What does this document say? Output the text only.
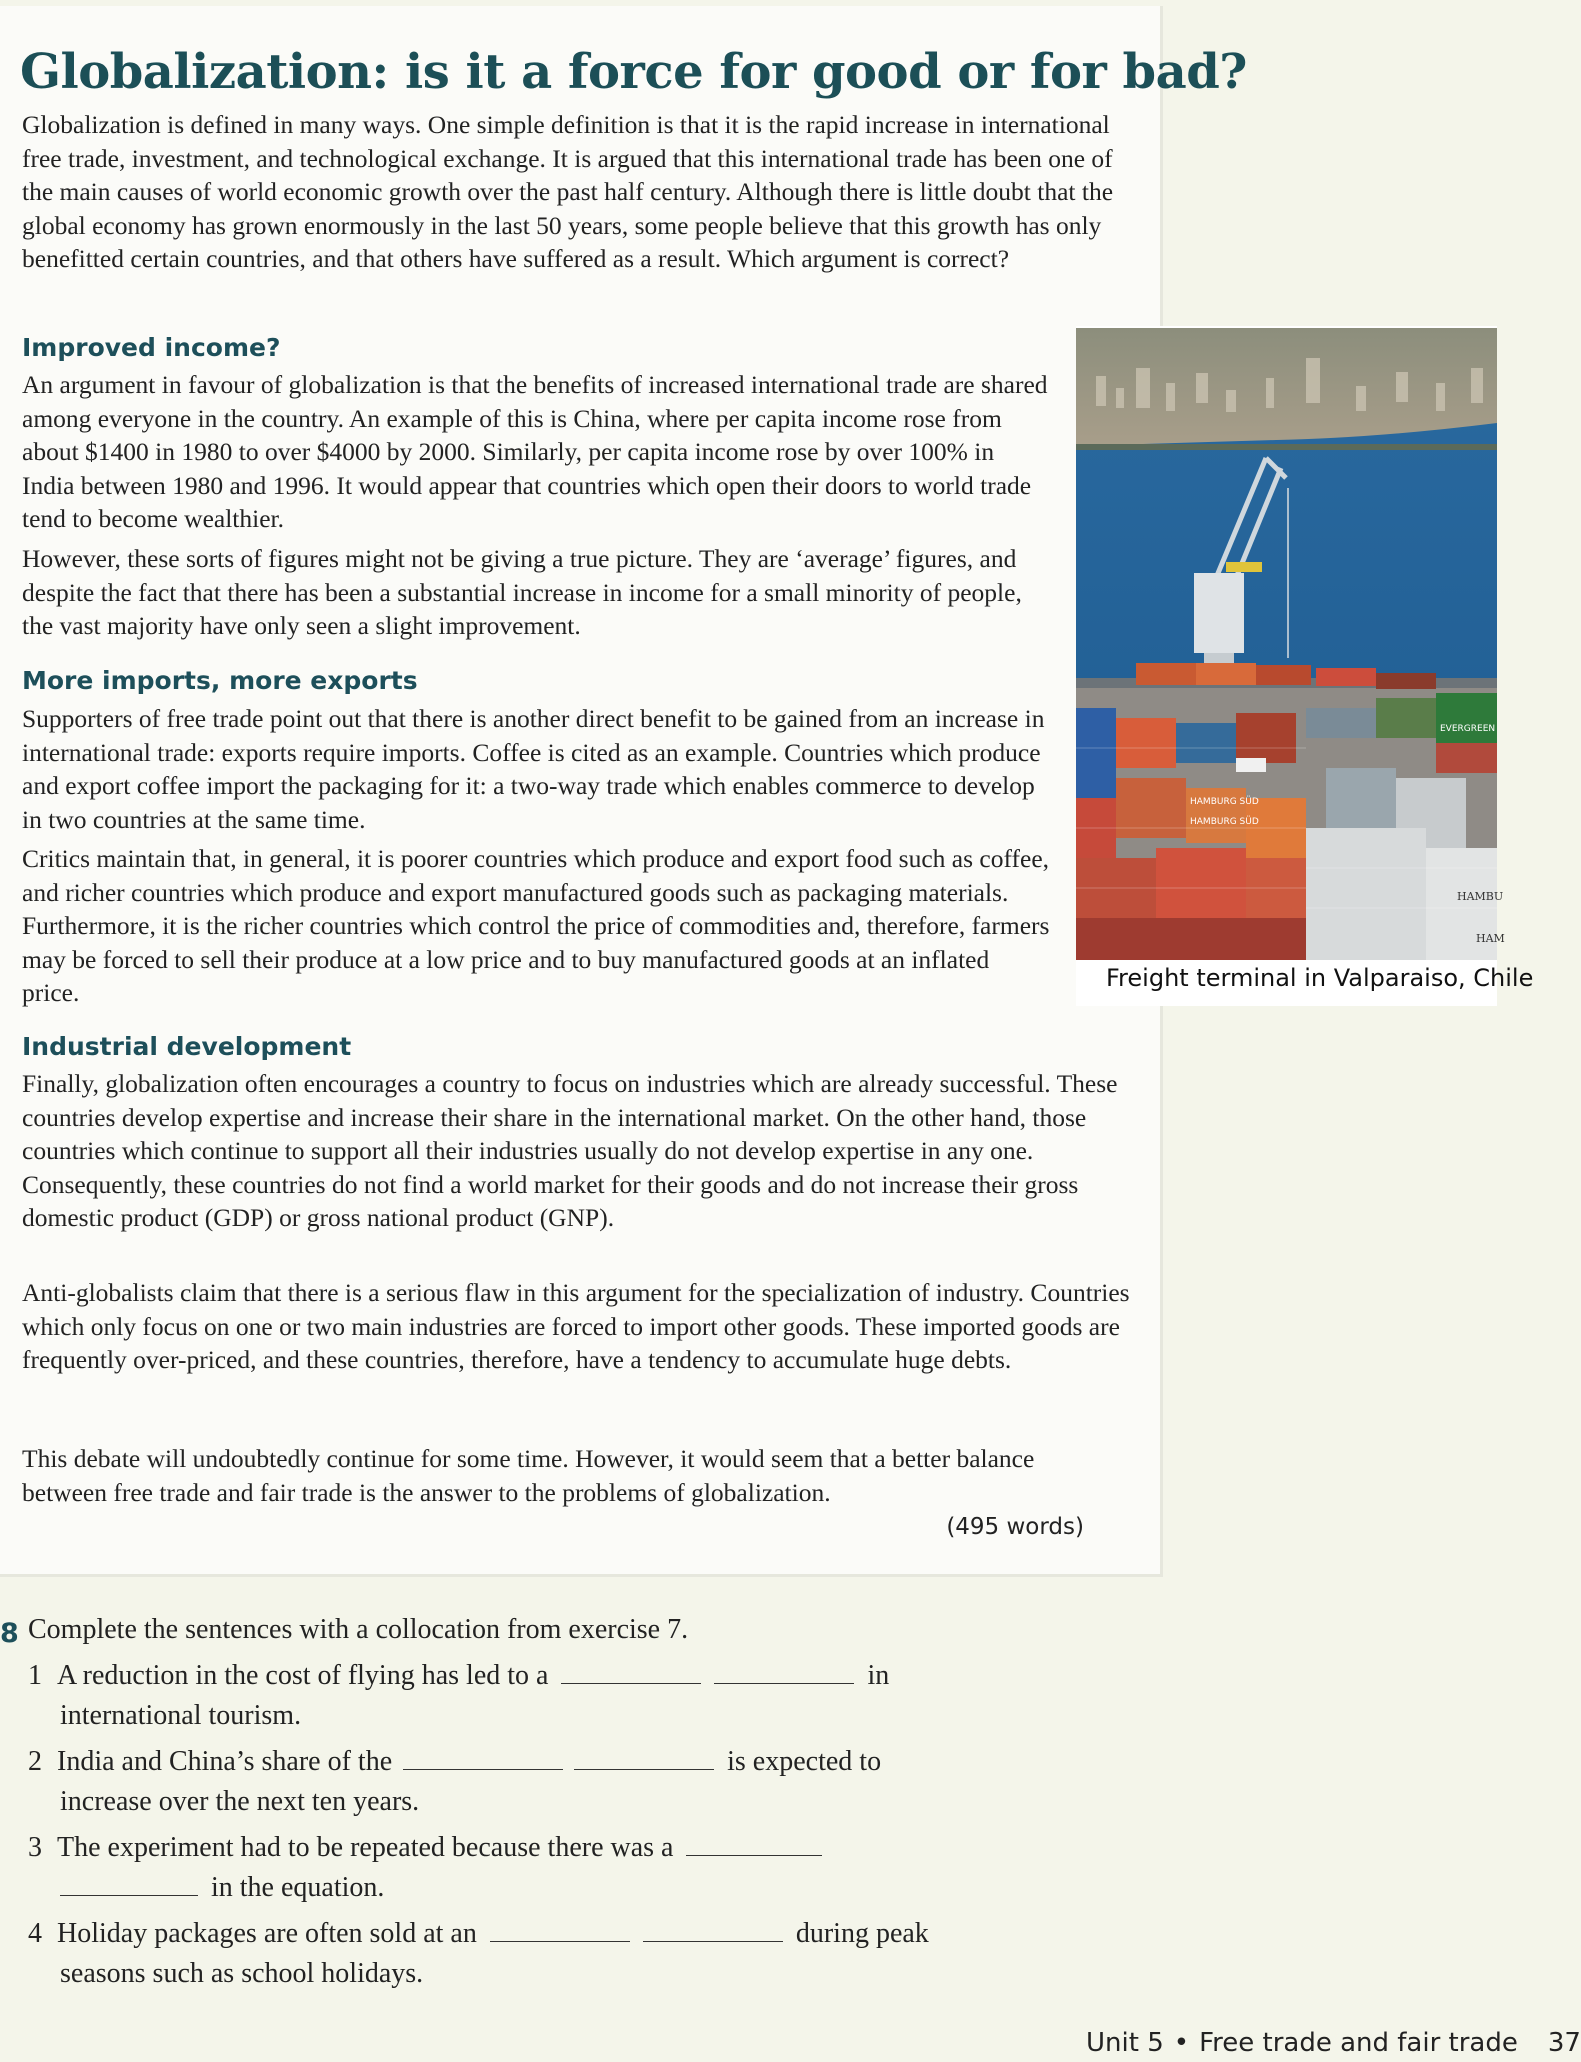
Globalization: is it a force for good or for bad?

Globalization is defined in many ways. One simple definition is that it is the rapid increase in international free trade, investment, and technological exchange. It is argued that this international trade has been one of the main causes of world economic growth over the past half century. Although there is little doubt that the global economy has grown enormously in the last 50 years, some people believe that this growth has only benefitted certain countries, and that others have suffered as a result. Which argument is correct?

Improved income?

An argument in favour of globalization is that the benefits of increased international trade are shared among everyone in the country. An example of this is China, where per capita income rose from about $1400 in 1980 to over $4000 by 2000. Similarly, per capita income rose by over 100% in India between 1980 and 1996. It would appear that countries which open their doors to world trade tend to become wealthier.

However, these sorts of figures might not be giving a true picture. They are ‘average’ figures, and despite the fact that there has been a substantial increase in income for a small minority of people, the vast majority have only seen a slight improvement.

More imports, more exports

Supporters of free trade point out that there is another direct benefit to be gained from an increase in international trade: exports require imports. Coffee is cited as an example. Countries which produce and export coffee import the packaging for it: a two-way trade which enables commerce to develop in two countries at the same time.

Critics maintain that, in general, it is poorer countries which produce and export food such as coffee, and richer countries which produce and export manufactured goods such as packaging materials. Furthermore, it is the richer countries which control the price of commodities and, therefore, farmers may be forced to sell their produce at a low price and to buy manufactured goods at an inflated price.

Industrial development

Finally, globalization often encourages a country to focus on industries which are already successful. These countries develop expertise and increase their share in the international market. On the other hand, those countries which continue to support all their industries usually do not develop expertise in any one. Consequently, these countries do not find a world market for their goods and do not increase their gross domestic product (GDP) or gross national product (GNP).

Anti-globalists claim that there is a serious flaw in this argument for the specialization of industry. Countries which only focus on one or two main industries are forced to import other goods. These imported goods are frequently over-priced, and these countries, therefore, have a tendency to accumulate huge debts.

This debate will undoubtedly continue for some time. However, it would seem that a better balance between free trade and fair trade is the answer to the problems of globalization.

(495 words)
HAMBURG SÜD
HAMBURG SÜD
EVERGREEN
HAMBU
HAM
Freight terminal in Valparaiso, Chile
8 Complete the sentences with a collocation from exercise 7.
1 A reduction in the cost of flying has led to a	in
international tourism.
2 India and China’s share of the	is expected to
increase over the next ten years.
3 The experiment had to be repeated because there was a
in the equation.
4 Holiday packages are often sold at an	during peak
seasons such as school holidays.
Unit 5 • Free trade and fair trade 37
